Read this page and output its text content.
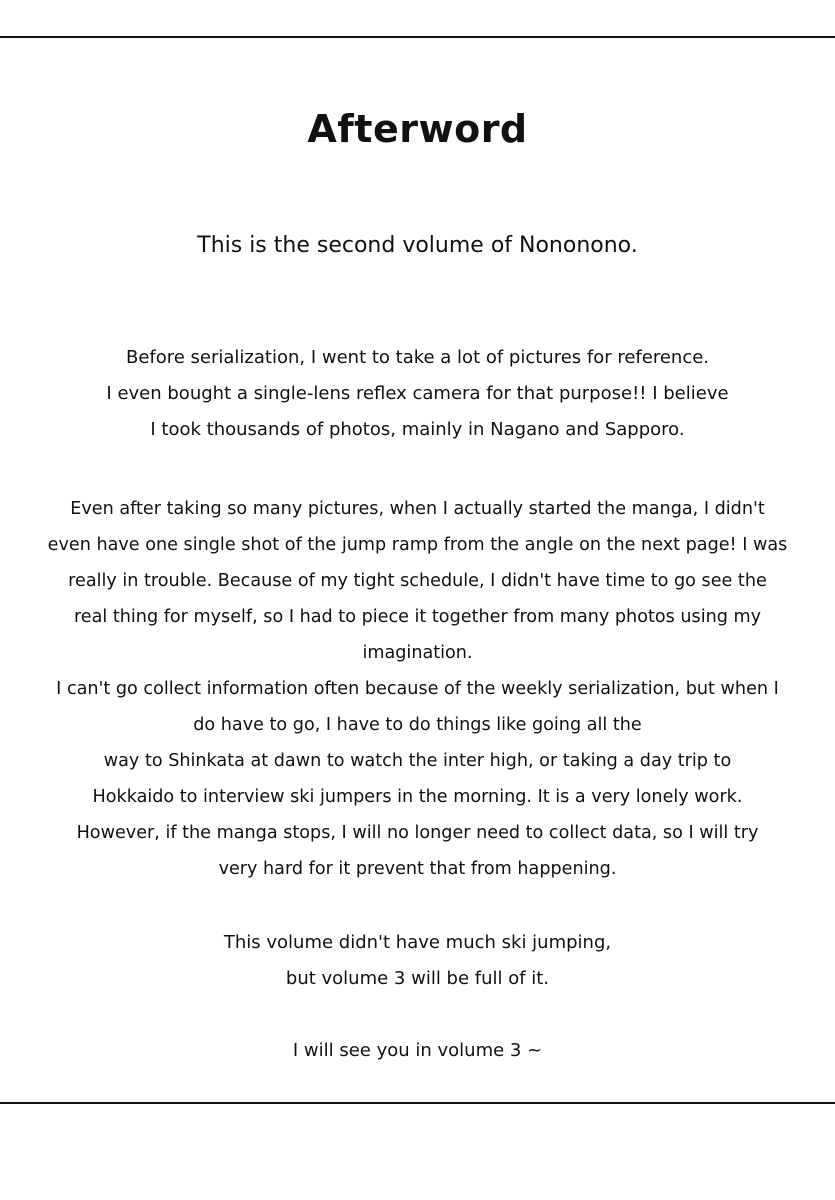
Afterword
This is the second volume of Nononono.
Before serialization, I went to take a lot of pictures for reference.
I even bought a single-lens reflex camera for that purpose!! I believe
I took thousands of photos, mainly in Nagano and Sapporo.
Even after taking so many pictures, when I actually started the manga, I didn't
even have one single shot of the jump ramp from the angle on the next page! I was
really in trouble. Because of my tight schedule, I didn't have time to go see the
real thing for myself, so I had to piece it together from many photos using my
imagination.
I can't go collect information often because of the weekly serialization, but when I
do have to go, I have to do things like going all the
way to Shinkata at dawn to watch the inter high, or taking a day trip to
Hokkaido to interview ski jumpers in the morning. It is a very lonely work.
However, if the manga stops, I will no longer need to collect data, so I will try
very hard for it prevent that from happening.
This volume didn't have much ski jumping,
but volume 3 will be full of it.
I will see you in volume 3 ~
